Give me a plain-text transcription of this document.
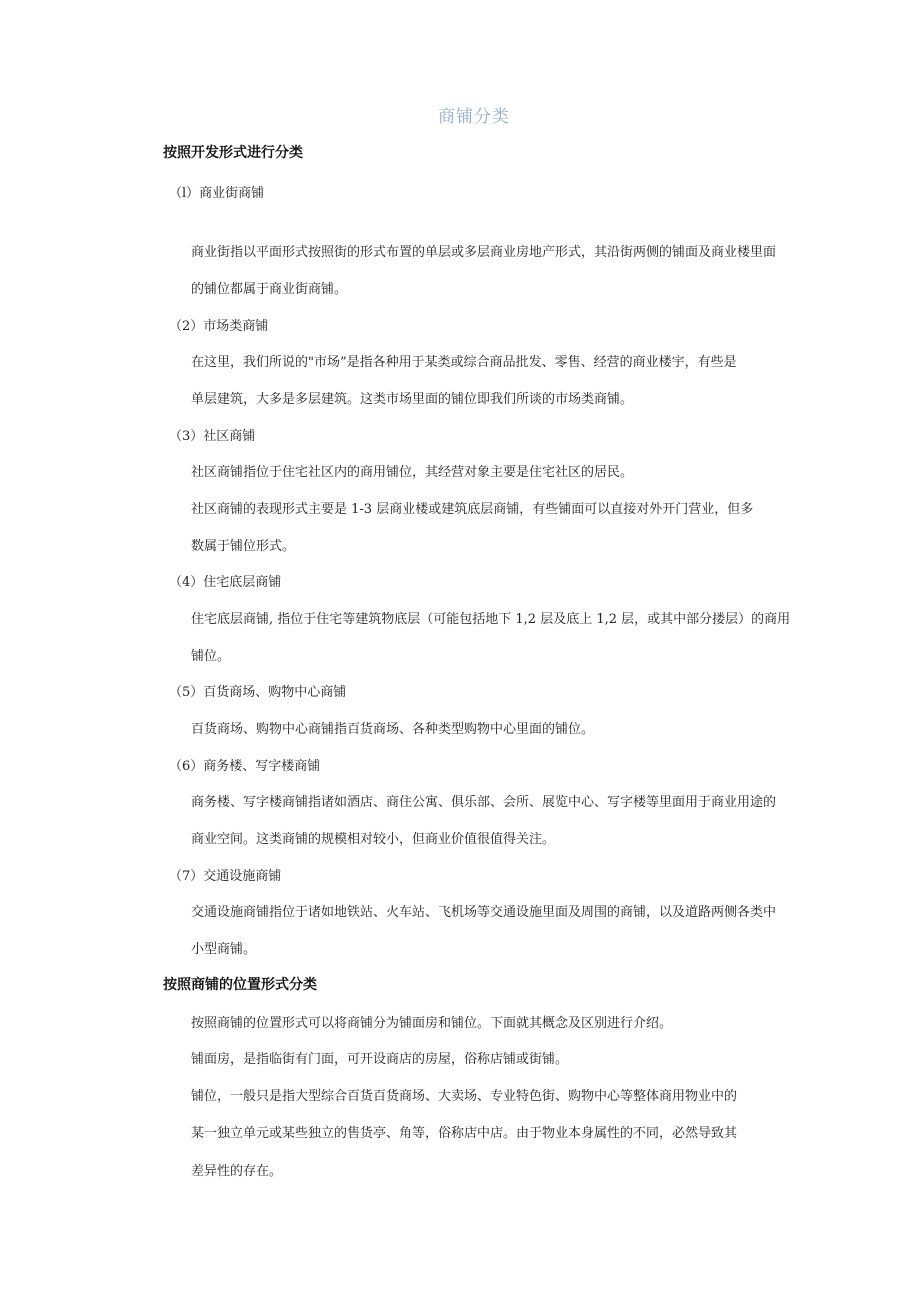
商铺分类
按照开发形式进行分类
（l）商业街商铺
商业街指以平面形式按照街的形式布置的单层或多层商业房地产形式，其沿街两侧的铺面及商业楼里面
的铺位都属于商业街商铺。
（2）市场类商铺
在这里，我们所说的"市场”是指各种用于某类或综合商品批发、零售、经营的商业楼宇，有些是
单层建筑，大多是多层建筑。这类市场里面的铺位即我们所谈的市场类商铺。
（3）社区商铺
社区商铺指位于住宅社区内的商用铺位，其经营对象主要是住宅社区的居民。
社区商铺的表现形式主要是 1-3 层商业楼或建筑底层商铺，有些铺面可以直接对外开门营业，但多
数属于铺位形式。
（4）住宅底层商铺
住宅底层商铺, 指位于住宅等建筑物底层（可能包括地下 1,2 层及底上 1,2 层，或其中部分搂层）的商用
铺位。
（5）百货商场、购物中心商铺
百货商场、购物中心商铺指百货商场、各种类型购物中心里面的铺位。
（6）商务楼、写字楼商铺
商务楼、写字楼商铺指诸如酒店、商住公寓、俱乐部、会所、展览中心、写字楼等里面用于商业用途的
商业空间。这类商铺的规模相对较小，但商业价值很值得关注。
（7）交通设施商铺
交通设施商铺指位于诸如地铁站、火车站、飞机场等交通设施里面及周围的商铺，以及道路两侧各类中
小型商铺。
按照商铺的位置形式分类
按照商铺的位置形式可以将商铺分为铺面房和铺位。下面就其概念及区别进行介绍。
铺面房，是指临街有门面，可开设商店的房屋，俗称店铺或街铺。
铺位，一般只是指大型综合百货百货商场、大卖场、专业特色街、购物中心等整体商用物业中的
某一独立单元或某些独立的售货亭、角等，俗称店中店。由于物业本身属性的不同，必然导致其
差异性的存在。
